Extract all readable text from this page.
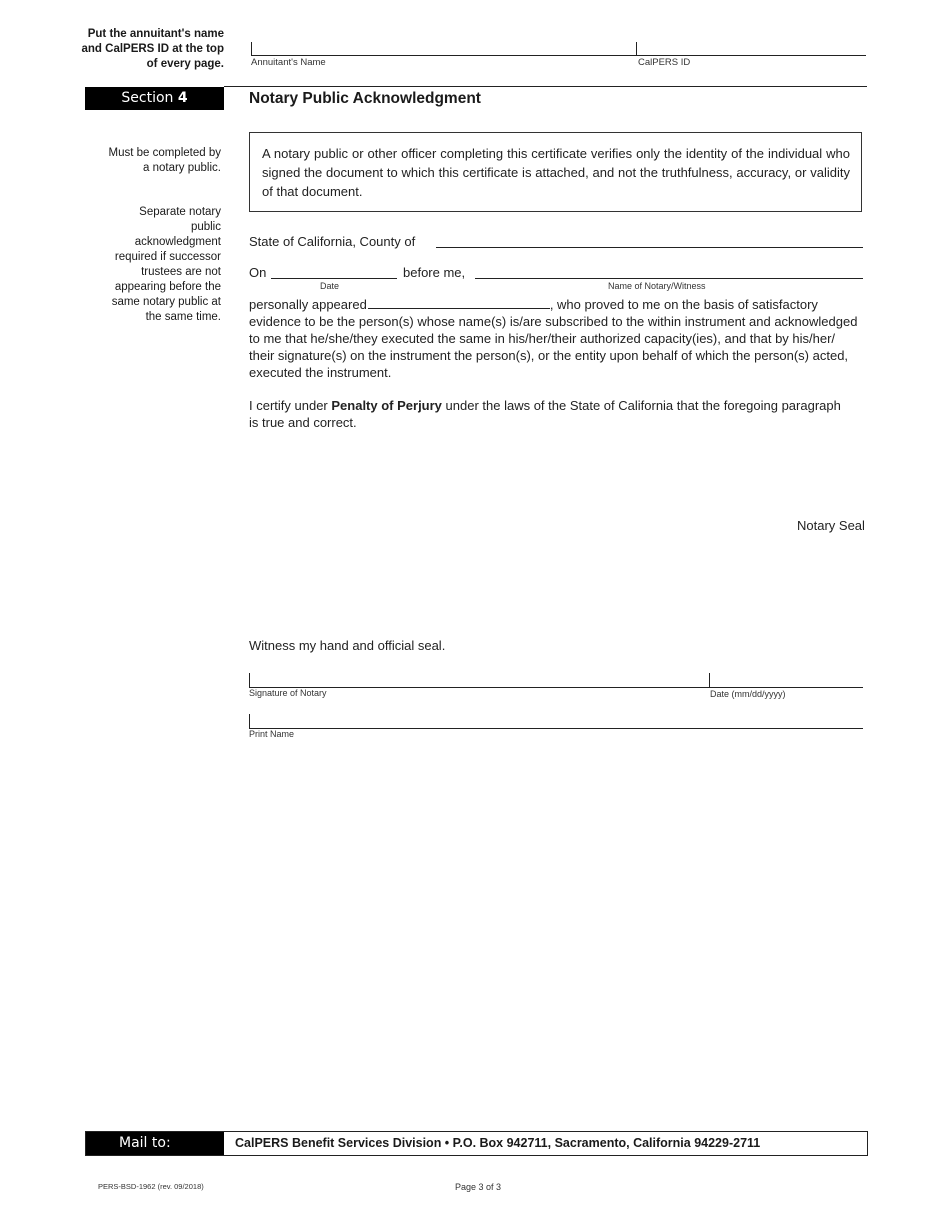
Put the annuitant's name
and CalPERS ID at the top
of every page.	Annuitant's Name	CalPERS ID
Section 4	Notary Public Acknowledgment
Must be completed by
a notary public.
Separate notary
public
acknowledgment
required if successor
trustees are not
appearing before the
same notary public at
the same time.
A notary public or other officer completing this certificate verifies only the identity of the individual who signed the document to which this certificate is attached, and not the truthfulness, accuracy, or validity of that document.
State of California, County of
On	before me,
Date	Name of Notary/Witness
personally appeared	, who proved to me on the basis of satisfactory evidence to be the person(s) whose name(s) is/are subscribed to the within instrument and acknowledged to me that he/she/they executed the same in his/her/their authorized capacity(ies), and that by his/her/ their signature(s) on the instrument the person(s), or the entity upon behalf of which the person(s) acted, executed the instrument.
I certify under Penalty of Perjury under the laws of the State of California that the foregoing paragraph is true and correct.
Notary Seal
Witness my hand and official seal.
Signature of Notary	Date (mm/dd/yyyy)
Print Name
Mail to:	CalPERS Benefit Services Division • P.O. Box 942711, Sacramento, California 94229-2711
PERS-BSD-1962 (rev. 09/2018)	Page 3 of 3
